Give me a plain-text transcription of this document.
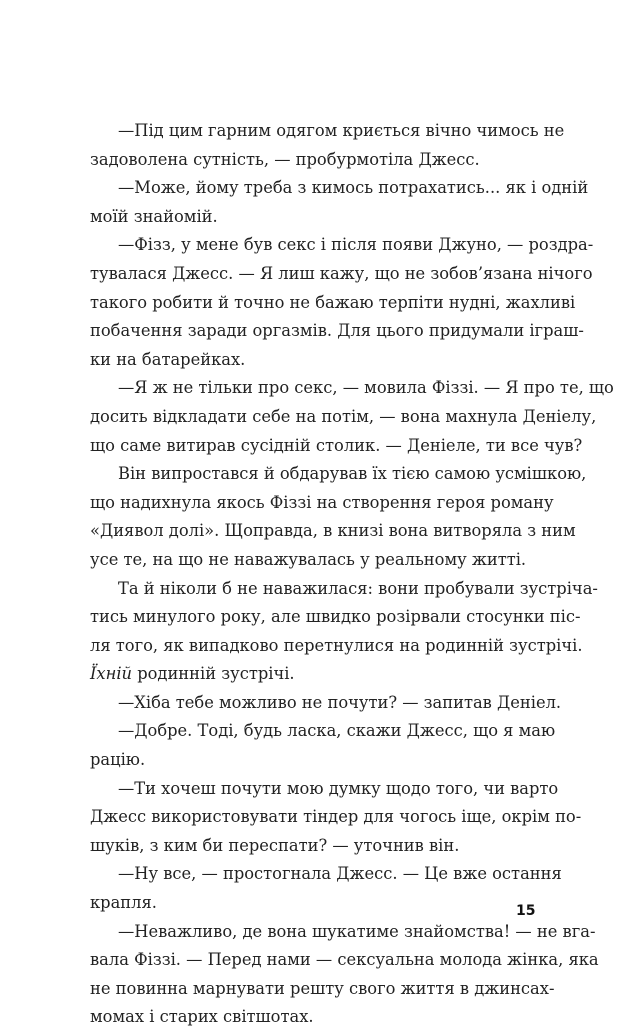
—Під цим гарним одягом криється вічно чимось не
задоволена сутність, — пробурмотіла Джесс.

—Може, йому треба з кимось потрахатись... як і одній
моїй знайомій.

—Фізз, у мене був секс і після появи Джуно, — роздра-
тувалася Джесс. — Я лиш кажу, що не зобов’язана нічого
такого робити й точно не бажаю терпіти нудні, жахливі
побачення заради оргазмів. Для цього придумали іграш-
ки на батарейках.

—Я ж не тільки про секс, — мовила Фіззі. — Я про те, що
досить відкладати себе на потім, — вона махнула Деніелу,
що саме витирав сусідній столик. — Деніеле, ти все чув?

Він випростався й обдарував їх тією самою усмішкою,
що надихнула якось Фіззі на створення героя роману
«Диявол долі». Щоправда, в книзі вона витворяла з ним
усе те, на що не наважувалась у реальному житті.

Та й ніколи б не наважилася: вони пробували зустріча-
тись минулого року, але швидко розірвали стосунки піс-
ля того, як випадково перетнулися на родинній зустрічі.
Їхній родинній зустрічі.

—Хіба тебе можливо не почути? — запитав Деніел.

—Добре. Тоді, будь ласка, скажи Джесс, що я маю
рацію.

—Ти хочеш почути мою думку щодо того, чи варто
Джесс використовувати тіндер для чогось іще, окрім по-
шуків, з ким би переспати? — уточнив він.

—Ну все, — простогнала Джесс. — Це вже остання
крапля.

—Неважливо, де вона шукатиме знайомства! — не вга-
вала Фіззі. — Перед нами — сексуальна молода жінка, яка
не повинна марнувати решту свого життя в джинсах-
момах і старих світшотах.

15
